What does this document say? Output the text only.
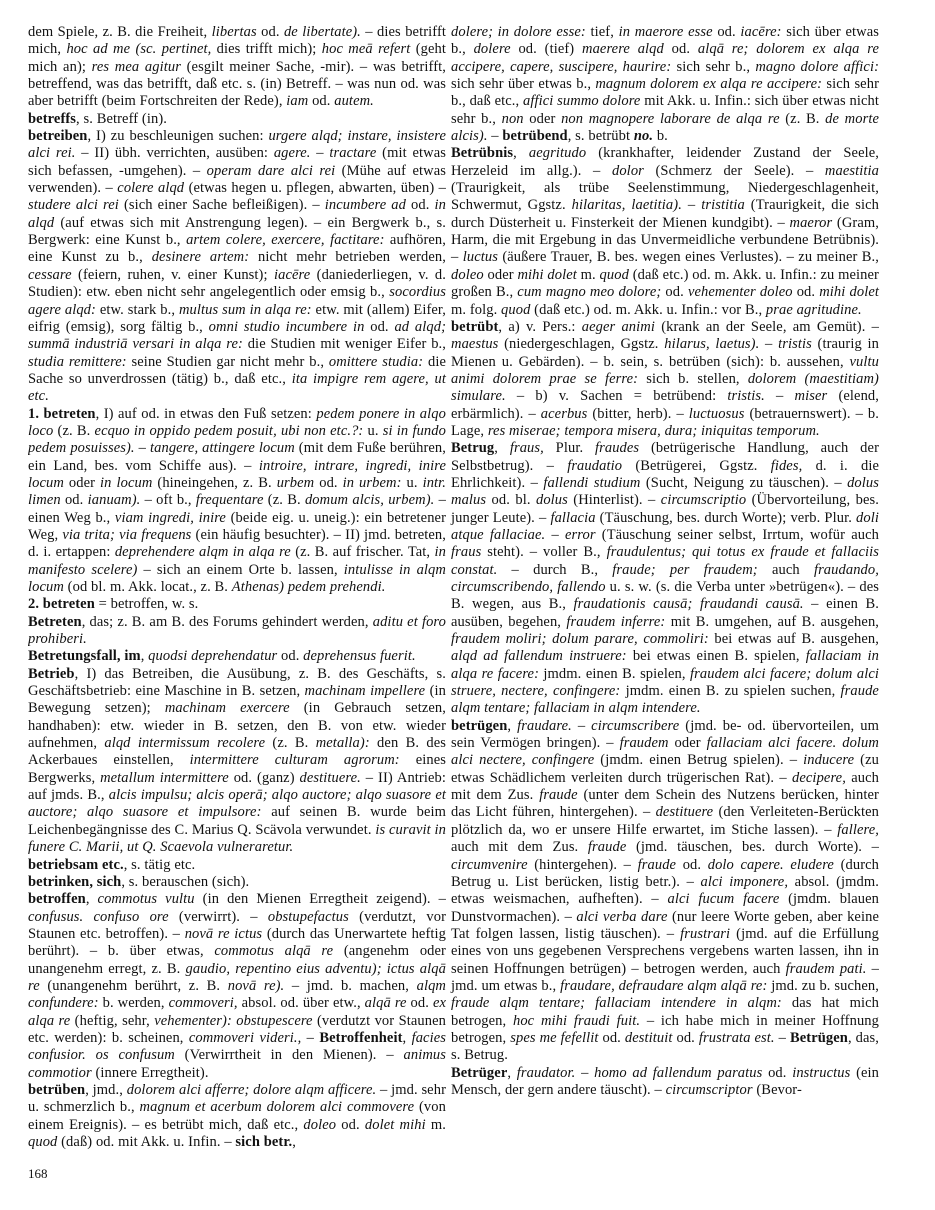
dem Spiele, z. B. die Freiheit, libertas od. de libertate). – dies betrifft mich, hoc ad me (sc. pertinet, dies trifft mich); hoc meā refert (geht mich an); res mea agitur (esgilt meiner Sache, -mir). – was betrifft, betreffend, was das betrifft, daß etc. s. (in) Betreff. – was nun od. was aber betrifft (beim Fortschreiten der Rede), iam od. autem.

betreffs, s. Betreff (in).

betreiben, I) zu beschleunigen suchen: urgere alqd; instare, insistere alci rei. – II) übh. verrichten, ausüben: agere. – tractare (mit etwas sich befassen, -umgehen). – operam dare alci rei (Mühe auf etwas verwenden). – colere alqd (etwas hegen u. pflegen, abwarten, üben) – studere alci rei (sich einer Sache befleißigen). – incumbere ad od. in alqd (auf etwas sich mit Anstrengung legen). – ein Bergwerk b., s. Bergwerk: eine Kunst b., artem colere, exercere, factitare: aufhören, eine Kunst zu b., desinere artem: nicht mehr betrieben werden, cessare (feiern, ruhen, v. einer Kunst); iacēre (daniederliegen, v. d. Studien): etw. eben nicht sehr angelegentlich oder emsig b., socordius agere alqd: etw. stark b., multus sum in alqa re: etw. mit (allem) Eifer, eifrig (emsig), sorg fältig b., omni studio incumbere in od. ad alqd; summā industriā versari in alqa re: die Studien mit weniger Eifer b., studia remittere: seine Studien gar nicht mehr b., omittere studia: die Sache so unverdrossen (tätig) b., daß etc., ita impigre rem agere, ut etc.

1. betreten, I) auf od. in etwas den Fuß setzen: pedem ponere in alqo loco (z. B. ecquo in oppido pedem posuit, ubi non etc.?: u. si in fundo pedem posuisses). – tangere, attingere locum (mit dem Fuße berühren, ein Land, bes. vom Schiffe aus). – introire, intrare, ingredi, inire locum oder in locum (hineingehen, z. B. urbem od. in urbem: u. intr. limen od. ianuam). – oft b., frequentare (z. B. domum alcis, urbem). – einen Weg b., viam ingredi, inire (beide eig. u. uneig.): ein betretener Weg, via trita; via frequens (ein häufig besuchter). – II) jmd. betreten, d. i. ertappen: deprehendere alqm in alqa re (z. B. auf frischer. Tat, in manifesto scelere) – sich an einem Orte b. lassen, intulisse in alqm locum (od bl. m. Akk. locat., z. B. Athenas) pedem prehendi.

2. betreten = betroffen, w. s.

Betreten, das; z. B. am B. des Forums gehindert werden, aditu et foro prohiberi.

Betretungsfall, im, quodsi deprehendatur od. deprehensus fuerit.

Betrieb, I) das Betreiben, die Ausübung, z. B. des Geschäfts, s. Geschäftsbetrieb: eine Maschine in B. setzen, machinam impellere (in Bewegung setzen); machinam exercere (in Gebrauch setzen, handhaben): etw. wieder in B. setzen, den B. von etw. wieder aufnehmen, alqd intermissum recolere (z. B. metalla): den B. des Ackerbaues einstellen, intermittere culturam agrorum: eines Bergwerks, metallum intermittere od. (ganz) destituere. – II) Antrieb: auf jmds. B., alcis impulsu; alcis operā; alqo auctore; alqo suasore et auctore; alqo suasore et impulsore: auf seinen B. wurde beim Leichenbegängnisse des C. Marius Q. Scävola verwundet. is curavit in funere C. Marii, ut Q. Scaevola vulneraretur.

betriebsam etc., s. tätig etc.

betrinken, sich, s. berauschen (sich).

betroffen, commotus vultu (in den Mienen Erregtheit zeigend). – confusus. confuso ore (verwirrt). – obstupefactus (verdutzt, vor Staunen etc. betroffen). – novā re ictus (durch das Unerwartete heftig berührt). – b. über etwas, commotus alqā re (angenehm oder unangenehm erregt, z. B. gaudio, repentino eius adventu); ictus alqā re (unangenehm berührt, z. B. novā re). – jmd. b. machen, alqm confundere: b. werden, commoveri, absol. od. über etw., alqā re od. ex alqa re (heftig, sehr, vehementer): obstupescere (verdutzt vor Staunen etc. werden): b. scheinen, commoveri videri., – Betroffenheit, facies confusior. os confusum (Verwirrtheit in den Mienen). – animus commotior (innere Erregtheit).

betrüben, jmd., dolorem alci afferre; dolore alqm afficere. – jmd. sehr u. schmerzlich b., magnum et acerbum dolorem alci commovere (von einem Ereignis). – es betrübt mich, daß etc., doleo od. dolet mihi m. quod (daß) od. mit Akk. u. Infin. – sich betr.,

dolere; in dolore esse: tief, in maerore esse od. iacēre: sich über etwas b., dolere od. (tief) maerere alqd od. alqā re; dolorem ex alqa re accipere, capere, suscipere, haurire: sich sehr b., magno dolore affici: sich sehr über etwas b., magnum dolorem ex alqa re accipere: sich sehr b., daß etc., affici summo dolore mit Akk. u. Infin.: sich über etwas nicht sehr b., non oder non magnopere laborare de alqa re (z. B. de morte alcis). – betrübend, s. betrübt no. b.

Betrübnis, aegritudo (krankhafter, leidender Zustand der Seele, Herzeleid im allg.). – dolor (Schmerz der Seele). – maestitia (Traurigkeit, als trübe Seelenstimmung, Niedergeschlagenheit, Schwermut, Ggstz. hilaritas, laetitia). – tristitia (Traurigkeit, die sich durch Düsterheit u. Finsterkeit der Mienen kundgibt). – maeror (Gram, Harm, die mit Ergebung in das Unvermeidliche verbundene Betrübnis). – luctus (äußere Trauer, B. bes. wegen eines Verlustes). – zu meiner B., doleo oder mihi dolet m. quod (daß etc.) od. m. Akk. u. Infin.: zu meiner großen B., cum magno meo dolore; od. vehementer doleo od. mihi dolet m. folg. quod (daß etc.) od. m. Akk. u. Infin.: vor B., prae agritudine.

betrübt, a) v. Pers.: aeger animi (krank an der Seele, am Gemüt). – maestus (niedergeschlagen, Ggstz. hilarus, laetus). – tristis (traurig in Mienen u. Gebärden). – b. sein, s. betrüben (sich): b. aussehen, vultu animi dolorem prae se ferre: sich b. stellen, dolorem (maestitiam) simulare. – b) v. Sachen = betrübend: tristis. – miser (elend, erbärmlich). – acerbus (bitter, herb). – luctuosus (betrauernswert). – b. Lage, res miserae; tempora misera, dura; iniquitas temporum.

Betrug, fraus, Plur. fraudes (betrügerische Handlung, auch der Selbstbetrug). – fraudatio (Betrügerei, Ggstz. fides, d. i. die Ehrlichkeit). – fallendi studium (Sucht, Neigung zu täuschen). – dolus malus od. bl. dolus (Hinterlist). – circumscriptio (Übervorteilung, bes. junger Leute). – fallacia (Täuschung, bes. durch Worte); verb. Plur. doli atque fallaciae. – error (Täuschung seiner selbst, Irrtum, wofür auch fraus steht). – voller B., fraudulentus; qui totus ex fraude et fallaciis constat. – durch B., fraude; per fraudem; auch fraudando, circumscribendo, fallendo u. s. w. (s. die Verba unter »betrügen«). – des B. wegen, aus B., fraudationis causā; fraudandi causā. – einen B. ausüben, begehen, fraudem inferre: mit B. umgehen, auf B. ausgehen, fraudem moliri; dolum parare, commoliri: bei etwas auf B. ausgehen, alqd ad fallendum instruere: bei etwas einen B. spielen, fallaciam in alqa re facere: jmdm. einen B. spielen, fraudem alci facere; dolum alci struere, nectere, confingere: jmdm. einen B. zu spielen suchen, fraude alqm tentare; fallaciam in alqm intendere.

betrügen, fraudare. – circumscribere (jmd. be- od. übervorteilen, um sein Vermögen bringen). – fraudem oder fallaciam alci facere. dolum alci nectere, confingere (jmdm. einen Betrug spielen). – inducere (zu etwas Schädlichem verleiten durch trügerischen Rat). – decipere, auch mit dem Zus. fraude (unter dem Schein des Nutzens berücken, hinter das Licht führen, hintergehen). – destituere (den Verleiteten-Berückten plötzlich da, wo er unsere Hilfe erwartet, im Stiche lassen). – fallere, auch mit dem Zus. fraude (jmd. täuschen, bes. durch Worte). – circumvenire (hintergehen). – fraude od. dolo capere. eludere (durch Betrug u. List berücken, listig betr.). – alci imponere, absol. (jmdm. etwas weismachen, aufheften). – alci fucum facere (jmdm. blauen Dunstvormachen). – alci verba dare (nur leere Worte geben, aber keine Tat folgen lassen, listig täuschen). – frustrari (jmd. auf die Erfüllung eines von uns gegebenen Versprechens vergebens warten lassen, ihn in seinen Hoffnungen betrügen) – betrogen werden, auch fraudem pati. – jmd. um etwas b., fraudare, defraudare alqm alqā re: jmd. zu b. suchen, fraude alqm tentare; fallaciam intendere in alqm: das hat mich betrogen, hoc mihi fraudi fuit. – ich habe mich in meiner Hoffnung betrogen, spes me fefellit od. destituit od. frustrata est. – Betrügen, das, s. Betrug.

Betrüger, fraudator. – homo ad fallendum paratus od. instructus (ein Mensch, der gern andere täuscht). – circumscriptor (Bevor-

168
